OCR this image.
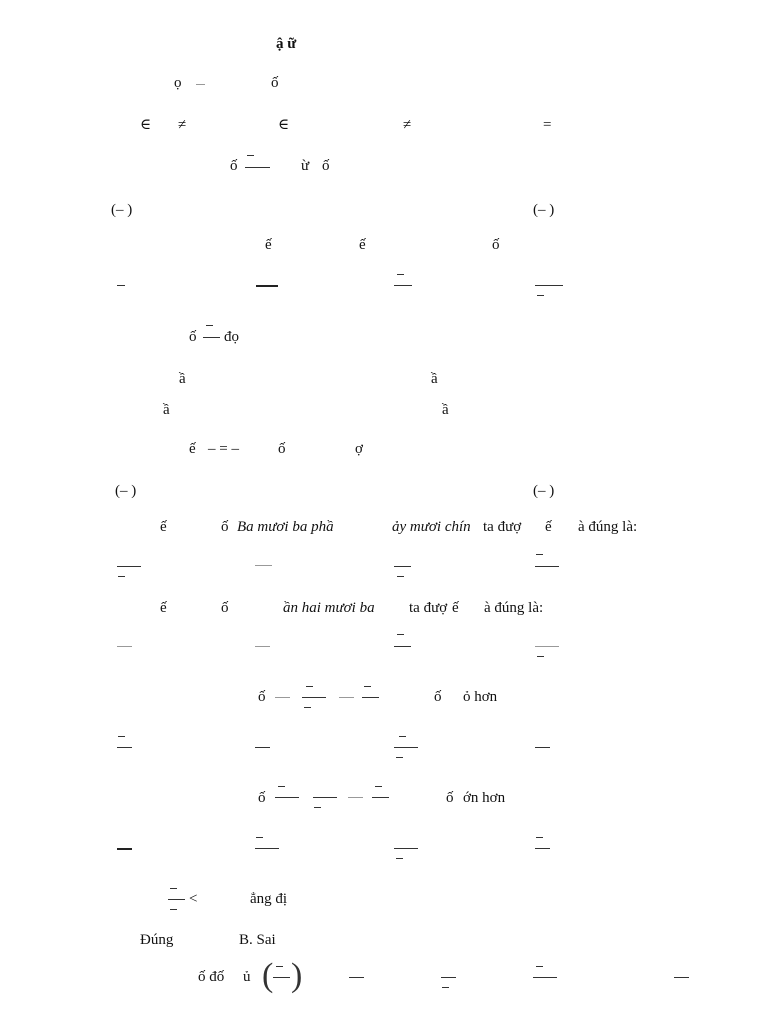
ậ ữ
ọ	ố
∈ ≠	∈	≠	=
ố	ừ ố
(– )	(– )
ế	ế	ố
ố đọ
ầ	ầ
ầ	ầ
ế – = –	ố	ợ
(– )	(– )
ế	ố Ba mươi ba phầ	ảy mươi chín ta đượ ế à đúng là:
ế	ố	ần hai mươi ba ta đượ ế à đúng là:
ố	ố ỏ hơn
ố	ố ớn hơn
<	ẳng đị
Đúng	B. Sai
ố đố ủ ( )
